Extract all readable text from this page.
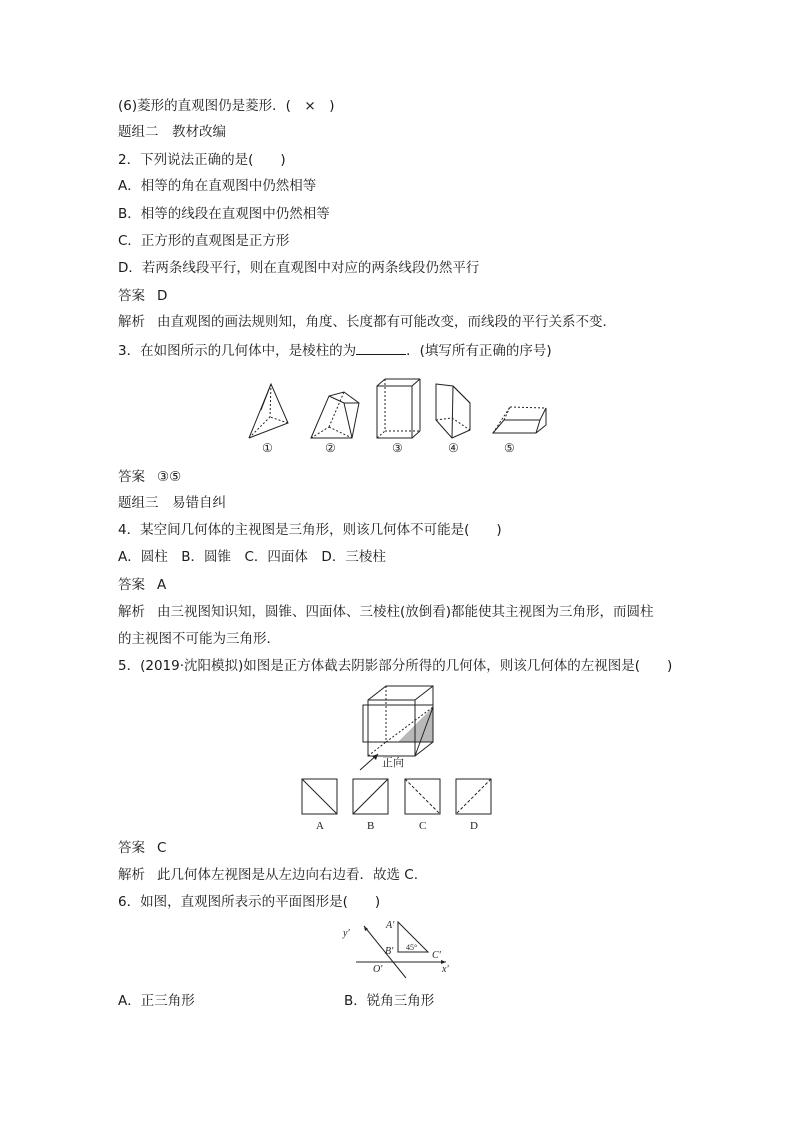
(6)菱形的直观图仍是菱形．(　×　)
题组二　教材改编
2．下列说法正确的是(　　)
A．相等的角在直观图中仍然相等
B．相等的线段在直观图中仍然相等
C．正方形的直观图是正方形
D．若两条线段平行，则在直观图中对应的两条线段仍然平行
答案 D
解析 由直观图的画法规则知，角度、长度都有可能改变，而线段的平行关系不变．
3．在如图所示的几何体中，是棱柱的为	．(填写所有正确的序号)
①	②	③	④	⑤
答案 ③⑤
题组三　易错自纠
4．某空间几何体的主视图是三角形，则该几何体不可能是(　　)
A．圆柱　B．圆锥　C．四面体　D．三棱柱
答案 A
解析 由三视图知识知，圆锥、四面体、三棱柱(放倒看)都能使其主视图为三角形，而圆柱
的主视图不可能为三角形．
5．(2019·沈阳模拟)如图是正方体截去阴影部分所得的几何体，则该几何体的左视图是(　　)
正向
A	B	C	D
答案 C
解析 此几何体左视图是从左边向右边看．故选 C.
6．如图，直观图所表示的平面图形是(　　)
y'
x'
O'
A'
B'	C'
45°
A．正三角形	B．锐角三角形
